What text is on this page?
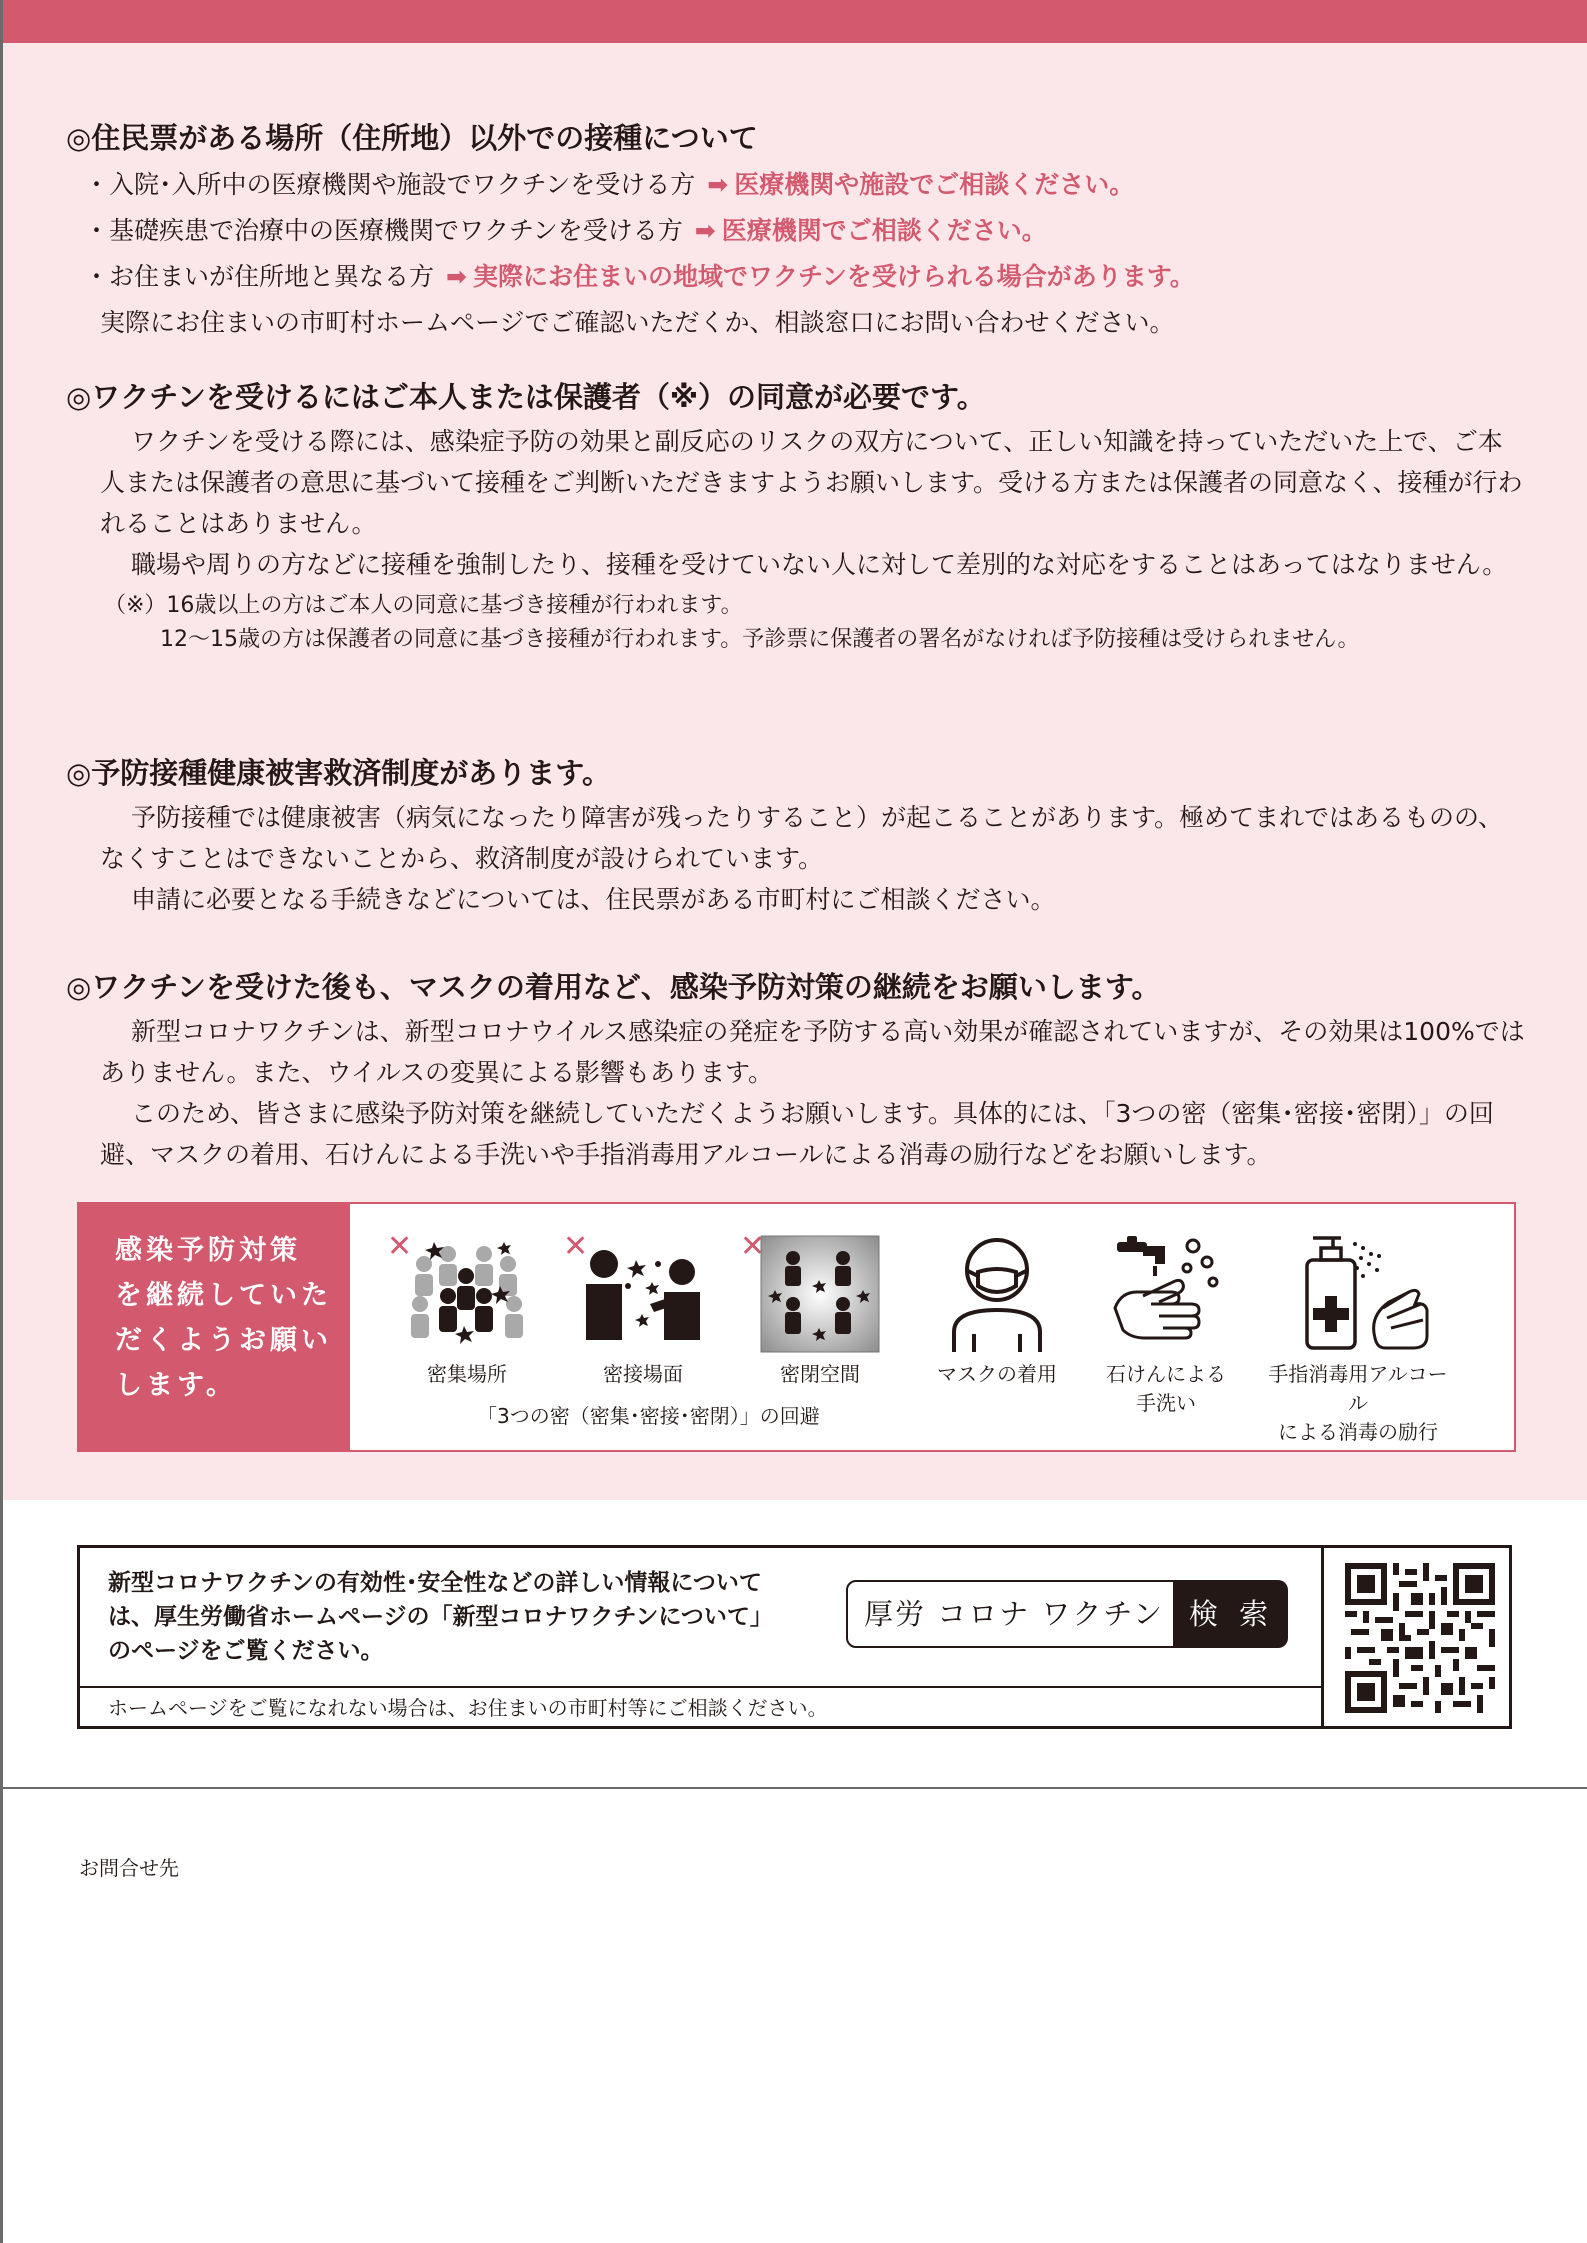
◎住民票がある場所（住所地）以外での接種について
・入院･入所中の医療機関や施設でワクチンを受ける方 ➡ 医療機関や施設でご相談ください。
・基礎疾患で治療中の医療機関でワクチンを受ける方 ➡ 医療機関でご相談ください。
・お住まいが住所地と異なる方 ➡ 実際にお住まいの地域でワクチンを受けられる場合があります。
実際にお住まいの市町村ホームページでご確認いただくか、相談窓口にお問い合わせください。
◎ワクチンを受けるにはご本人または保護者（※）の同意が必要です。
ワクチンを受ける際には、感染症予防の効果と副反応のリスクの双方について、正しい知識を持っていただいた上で、ご本人または保護者の意思に基づいて接種をご判断いただきますようお願いします。受ける方または保護者の同意なく、接種が行われることはありません。
職場や周りの方などに接種を強制したり、接種を受けていない人に対して差別的な対応をすることはあってはなりません。
（※）16歳以上の方はご本人の同意に基づき接種が行われます。
12〜15歳の方は保護者の同意に基づき接種が行われます。予診票に保護者の署名がなければ予防接種は受けられません。
◎予防接種健康被害救済制度があります。
予防接種では健康被害（病気になったり障害が残ったりすること）が起こることがあります。極めてまれではあるものの、なくすことはできないことから、救済制度が設けられています。
申請に必要となる手続きなどについては、住民票がある市町村にご相談ください。
◎ワクチンを受けた後も、マスクの着用など、感染予防対策の継続をお願いします。
新型コロナワクチンは、新型コロナウイルス感染症の発症を予防する高い効果が確認されていますが、その効果は100%ではありません。また、ウイルスの変異による影響もあります。
このため、皆さまに感染予防対策を継続していただくようお願いします。具体的には、「3つの密（密集･密接･密閉）」の回避、マスクの着用、石けんによる手洗いや手指消毒用アルコールによる消毒の励行などをお願いします。
感染予防対策
を継続していた
だくようお願い
します。
✕
密集場所
✕
密接場面
✕
密閉空間	マスクの着用	石けんによる
手洗い
手指消毒用アルコール
による消毒の励行
「3つの密（密集･密接･密閉）」の回避
新型コロナワクチンの有効性･安全性などの詳しい情報について
は、厚生労働省ホームページの「新型コロナワクチンについて」
のページをご覧ください。
厚労 コロナ ワクチン 検 索
ホームページをご覧になれない場合は、お住まいの市町村等にご相談ください。
お問合せ先
